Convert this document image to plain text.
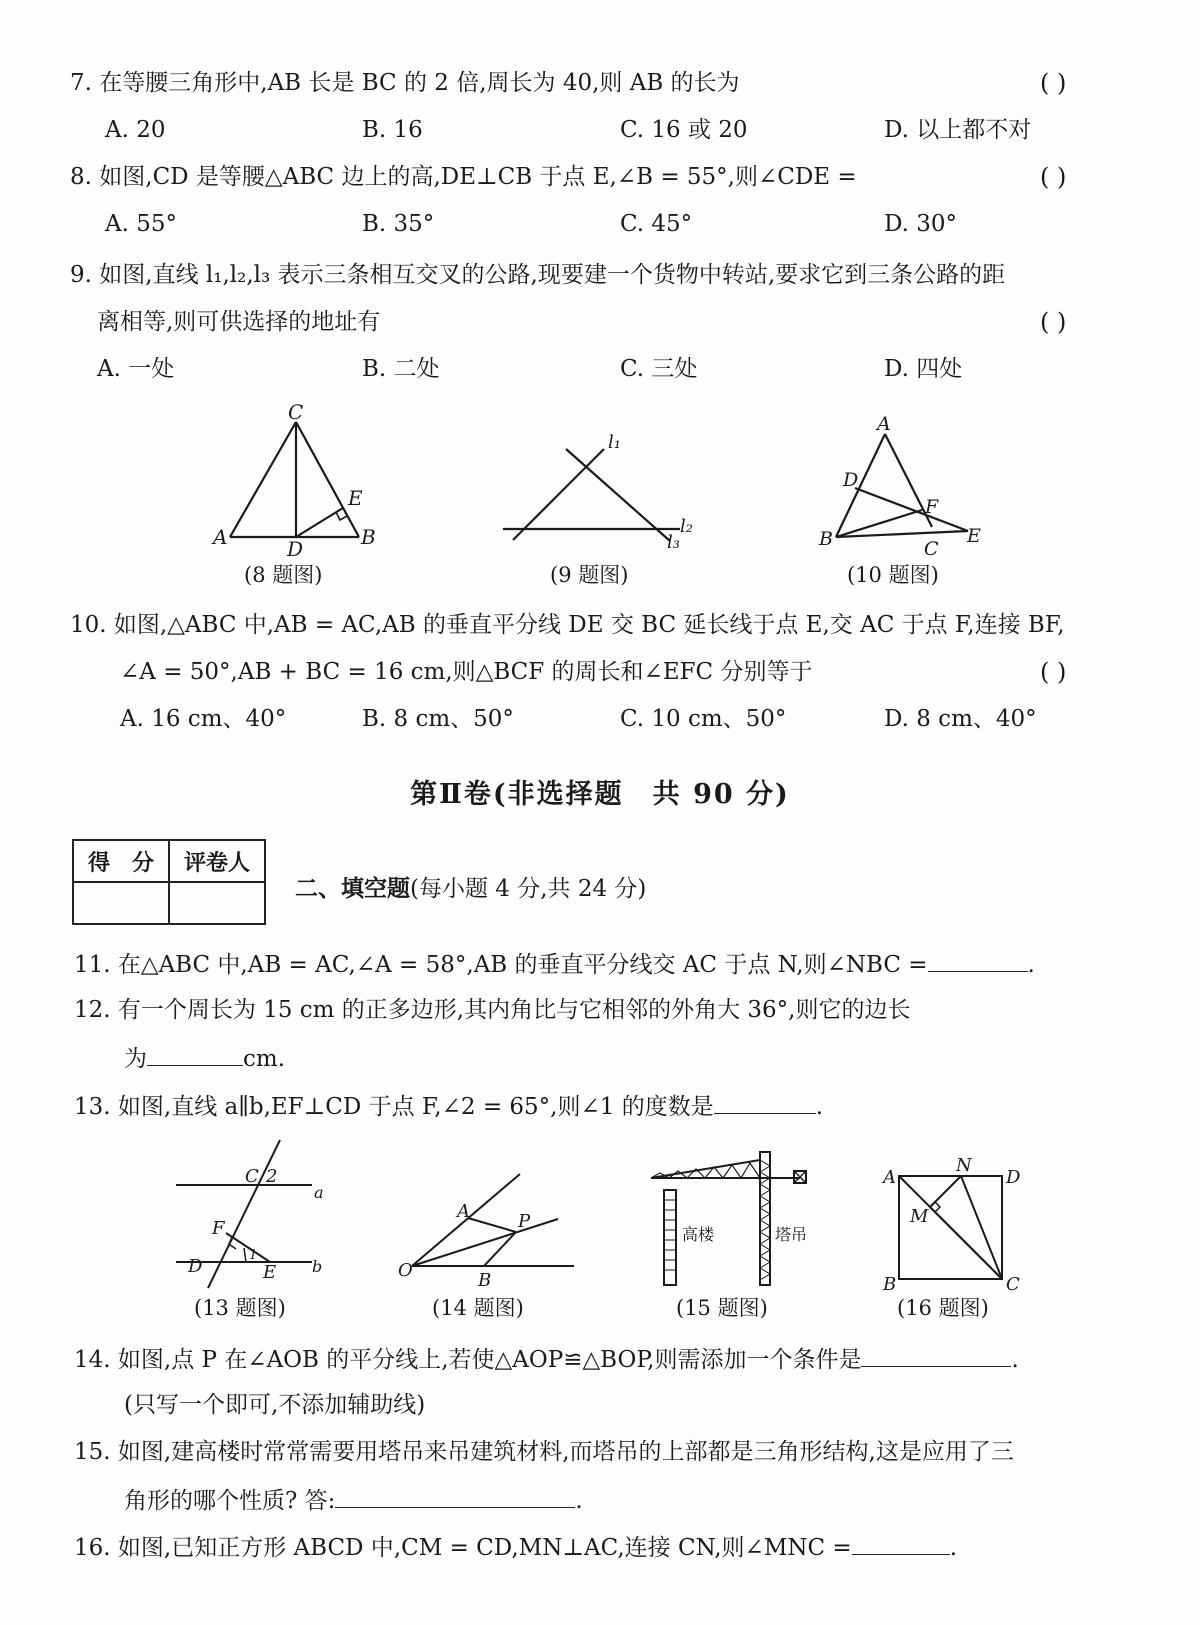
7. 在等腰三角形中,AB 长是 BC 的 2 倍,周长为 40,则 AB 的长为	( )
A. 20	B. 16	C. 16 或 20	D. 以上都不对
8. 如图,CD 是等腰△ABC 边上的高,DE⊥CB 于点 E,∠B = 55°,则∠CDE =	( )
A. 55°	B. 35°	C. 45°	D. 30°
9. 如图,直线 l₁,l₂,l₃ 表示三条相互交叉的公路,现要建一个货物中转站,要求它到三条公路的距
离相等,则可供选择的地址有	( )
A. 一处	B. 二处	C. 三处	D. 四处
C
A	D	B
E
(8 题图)
l₁
l₂
l₃
(9 题图)
A
D
F
B	C
E
(10 题图)
10. 如图,△ABC 中,AB = AC,AB 的垂直平分线 DE 交 BC 延长线于点 E,交 AC 于点 F,连接 BF,
∠A = 50°,AB + BC = 16 cm,则△BCF 的周长和∠EFC 分别等于	( )
A. 16 cm、40°	B. 8 cm、50°	C. 10 cm、50°	D. 8 cm、40°
第Ⅱ卷(非选择题　共 90 分)
得　分	评卷人

二、填空题(每小题 4 分,共 24 分)
11. 在△ABC 中,AB = AC,∠A = 58°,AB 的垂直平分线交 AC 于点 N,则∠NBC =	.
12. 有一个周长为 15 cm 的正多边形,其内角比与它相邻的外角大 36°,则它的边长
为	cm.
13. 如图,直线 a∥b,EF⊥CD 于点 F,∠2 = 65°,则∠1 的度数是	.
C 2
a
F
1
D	E b
(13 题图)
A	P
O	B
(14 题图)
高楼	塔吊
(15 题图)
A
N
D
M
B	C
(16 题图)
14. 如图,点 P 在∠AOB 的平分线上,若使△AOP≌△BOP,则需添加一个条件是	.
(只写一个即可,不添加辅助线)
15. 如图,建高楼时常常需要用塔吊来吊建筑材料,而塔吊的上部都是三角形结构,这是应用了三
角形的哪个性质? 答:	.
16. 如图,已知正方形 ABCD 中,CM = CD,MN⊥AC,连接 CN,则∠MNC =	.
